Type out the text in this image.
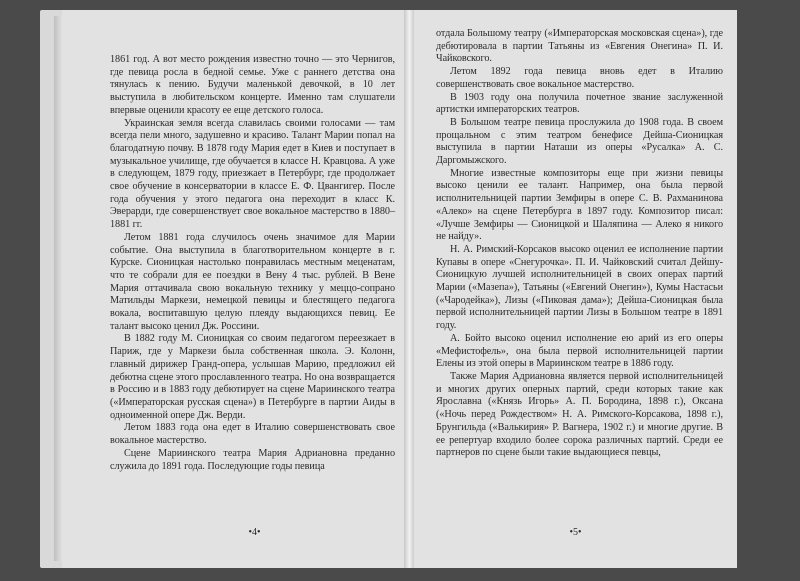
1861 год. А вот место рождения известно точно — это Чернигов, где певица росла в бедной семье. Уже с раннего детства она тянулась к пению. Будучи маленькой девочкой, в 10 лет выступила в любительском концерте. Именно там слушатели впервые оценили красоту ее еще детского голоса.

Украинская земля всегда славилась своими голосами — там всегда пели много, задушевно и красиво. Талант Марии попал на благодатную почву. В 1878 году Мария едет в Киев и поступает в музыкальное училище, где обучается в классе Н. Кравцова. А уже в следующем, 1879 году, приезжает в Петербург, где продолжает свое обучение в консерватории в классе Е. Ф. Цвангигер. После года обучения у этого педагога она переходит в класс К. Эверарди, где совершенствует свое вокальное мастерство в 1880–1881 гг.

Летом 1881 года случилось очень значимое для Марии событие. Она выступила в благотворительном концерте в г. Курске. Сионицкая настолько понравилась местным меценатам, что те собрали для ее поездки в Вену 4 тыс. рублей. В Вене Мария оттачивала свою вокальную технику у меццо-сопрано Матильды Маркези, немецкой певицы и блестящего педагога вокала, воспитавшую целую плеяду выдающихся певиц. Ее талант высоко ценил Дж. Россини.

В 1882 году М. Сионицкая со своим педагогом переезжает в Париж, где у Маркези была собственная школа. Э. Колонн, главный дирижер Гранд-опера, услышав Марию, предложил ей дебютна сцене этого прославленного театра. Но она возвращается в Россию и в 1883 году дебютирует на сцене Мариинского театра («Императорская русская сцена») в Петербурге в партии Аиды в одноименной опере Дж. Верди.

Летом 1883 года она едет в Италию совершенствовать свое вокальное мастерство.

Сцене Мариинского театра Мария Адриановна преданно служила до 1891 года. Последующие годы певица

•4•

отдала Большому театру («Императорская московская сцена»), где дебютировала в партии Татьяны из «Евгения Онегина» П. И. Чайковского.

Летом 1892 года певица вновь едет в Италию совершенствовать свое вокальное мастерство.

В 1903 году она получила почетное звание заслуженной артистки императорских театров.

В Большом театре певица прослужила до 1908 года. В своем прощальном с этим театром бенефисе Дейша-Сионицкая выступила в партии Наташи из оперы «Русалка» А. С. Даргомыжского.

Многие известные композиторы еще при жизни певицы высоко ценили ее талант. Например, она была первой исполнительницей партии Земфиры в опере С. В. Рахманинова «Алеко» на сцене Петербурга в 1897 году. Композитор писал: «Лучше Земфиры — Сионицкой и Шаляпина — Алеко я никого не найду».

Н. А. Римский-Корсаков высоко оценил ее исполнение партии Купавы в опере «Снегурочка». П. И. Чайковский считал Дейшу-Сионицкую лучшей исполнительницей в своих операх партий Марии («Мазепа»), Татьяны («Евгений Онегин»), Кумы Настасьи («Чародейка»), Лизы («Пиковая дама»); Дейша-Сионицкая была первой исполнительницей партии Лизы в Большом театре в 1891 году.

А. Бойто высоко оценил исполнение ею арий из его оперы «Мефистофель», она была первой исполнительницей партии Елены из этой оперы в Мариинском театре в 1886 году.

Также Мария Адриановна является первой исполнительницей и многих других оперных партий, среди которых такие как Ярославна («Князь Игорь» А. П. Бородина, 1898 г.), Оксана («Ночь перед Рождеством» Н. А. Римского-Корсакова, 1898 г.), Брунгильда («Валькирия» Р. Вагнера, 1902 г.) и многие другие. В ее репертуар входило более сорока различных партий. Среди ее партнеров по сцене были такие выдающиеся певцы,

•5•
